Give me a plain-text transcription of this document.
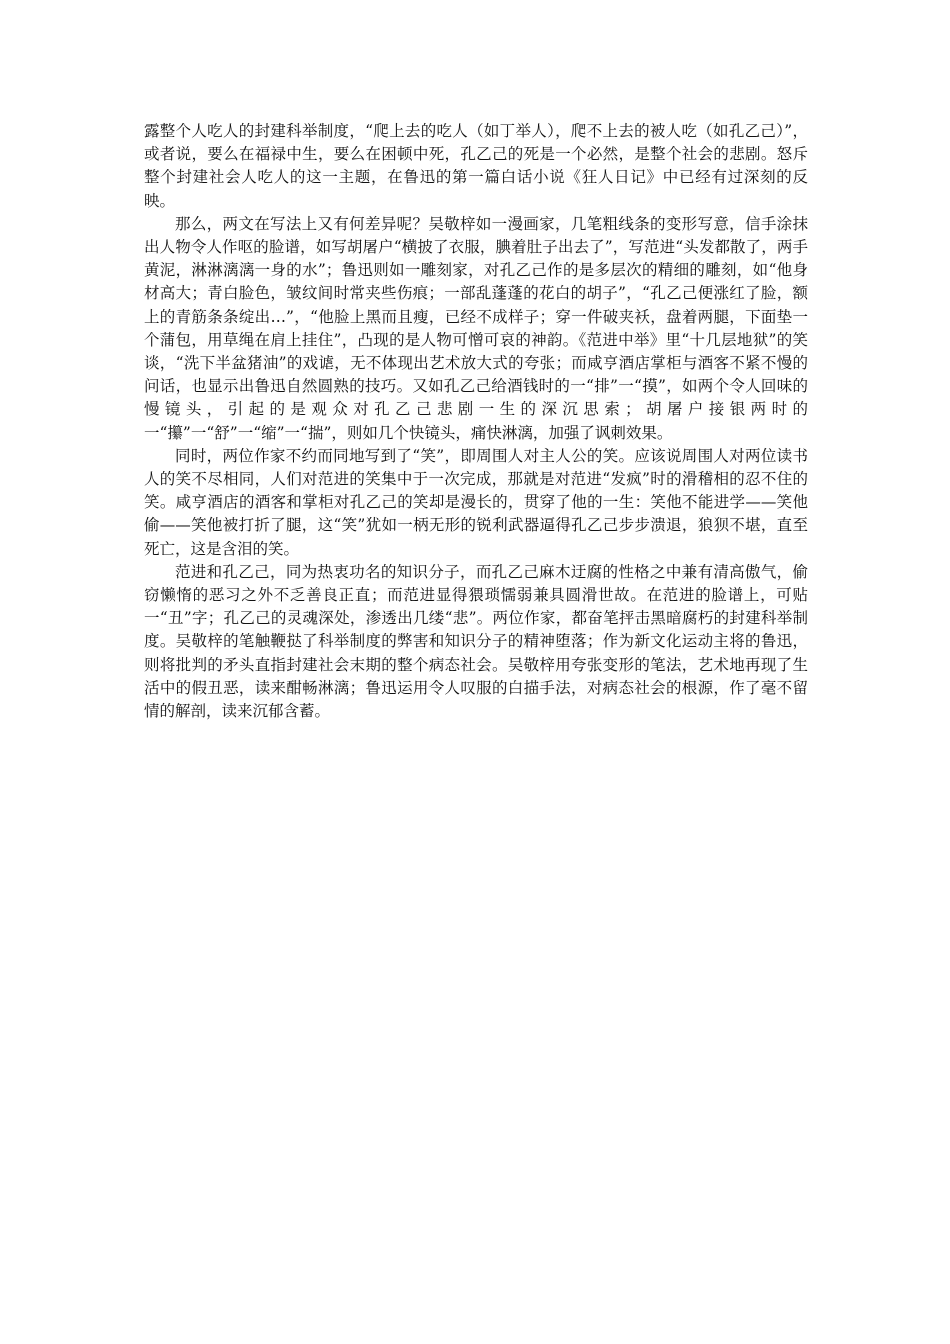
露整个人吃人的封建科举制度，“爬上去的吃人（如丁举人），爬不上去的被人吃（如孔乙己）”，或者说，要么在福禄中生，要么在困顿中死，孔乙己的死是一个必然，是整个社会的悲剧。怒斥整个封建社会人吃人的这一主题，在鲁迅的第一篇白话小说《狂人日记》中已经有过深刻的反映。

那么，两文在写法上又有何差异呢？吴敬梓如一漫画家，几笔粗线条的变形写意，信手涂抹出人物令人作呕的脸谱，如写胡屠户“横披了衣服，腆着肚子出去了”，写范进“头发都散了，两手黄泥，淋淋漓漓一身的水”；鲁迅则如一雕刻家，对孔乙己作的是多层次的精细的雕刻，如“他身材高大；青白脸色，皱纹间时常夹些伤痕；一部乱蓬蓬的花白的胡子”，“孔乙己便涨红了脸，额上的青筋条条绽出…”，“他脸上黑而且瘦，已经不成样子；穿一件破夹袄，盘着两腿，下面垫一个蒲包，用草绳在肩上挂住”，凸现的是人物可憎可哀的神韵。《范进中举》里“十几层地狱”的笑谈，“洗下半盆猪油”的戏谑，无不体现出艺术放大式的夸张；而咸亨酒店掌柜与酒客不紧不慢的问话，也显示出鲁迅自然圆熟的技巧。又如孔乙己给酒钱时的一“排”一“摸”，如两个令人回味的慢镜头，引起的是观众对孔乙己悲剧一生的深沉思索；胡屠户接银两时的一“攥”一“舒”一“缩”一“揣”，则如几个快镜头，痛快淋漓，加强了讽刺效果。

同时，两位作家不约而同地写到了“笑”，即周围人对主人公的笑。应该说周围人对两位读书人的笑不尽相同，人们对范进的笑集中于一次完成，那就是对范进“发疯”时的滑稽相的忍不住的笑。咸亨酒店的酒客和掌柜对孔乙己的笑却是漫长的，贯穿了他的一生：笑他不能进学——笑他偷——笑他被打折了腿，这“笑”犹如一柄无形的锐利武器逼得孔乙己步步溃退，狼狈不堪，直至死亡，这是含泪的笑。

范进和孔乙己，同为热衷功名的知识分子，而孔乙己麻木迂腐的性格之中兼有清高傲气，偷窃懒惰的恶习之外不乏善良正直；而范进显得猥琐懦弱兼具圆滑世故。在范进的脸谱上，可贴一“丑”字；孔乙己的灵魂深处，渗透出几缕“悲”。两位作家，都奋笔抨击黑暗腐朽的封建科举制度。吴敬梓的笔触鞭挞了科举制度的弊害和知识分子的精神堕落；作为新文化运动主将的鲁迅，则将批判的矛头直指封建社会末期的整个病态社会。吴敬梓用夸张变形的笔法，艺术地再现了生活中的假丑恶，读来酣畅淋漓；鲁迅运用令人叹服的白描手法，对病态社会的根源，作了毫不留情的解剖，读来沉郁含蓄。
